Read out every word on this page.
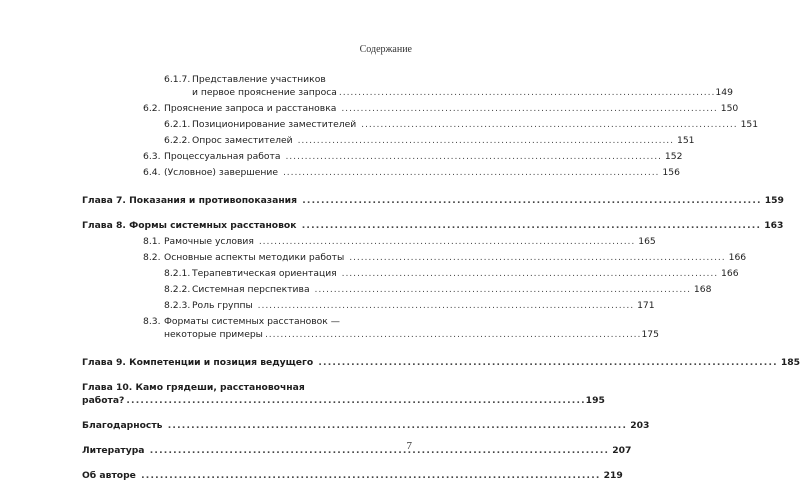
Содержание
6.1.7. Представление участников
и первое прояснение запроса . . .	149
6.2. Прояснение запроса и расстановка . . .	150
6.2.1. Позиционирование заместителей . . .	151
6.2.2. Опрос заместителей . . .	151
6.3. Процессуальная работа . . .	152
6.4. (Условное) завершение . . .	156
Глава 7. Показания и противопоказания . . .	159
Глава 8. Формы системных расстановок . . .	163
8.1. Рамочные условия . . .	165
8.2. Основные аспекты методики работы . . .	166
8.2.1. Терапевтическая ориентация . . .	166
8.2.2. Системная перспектива . . .	168
8.2.3. Роль группы . . .	171
8.3. Форматы системных расстановок —
некоторые примеры . . .	175
Глава 9. Компетенции и позиция ведущего . . .	185
Глава 10. Камо грядеши, расстановочная
работа? . . .	195
Благодарность . . .	203
Литература . . .	207
Об авторе . . .	219
7
